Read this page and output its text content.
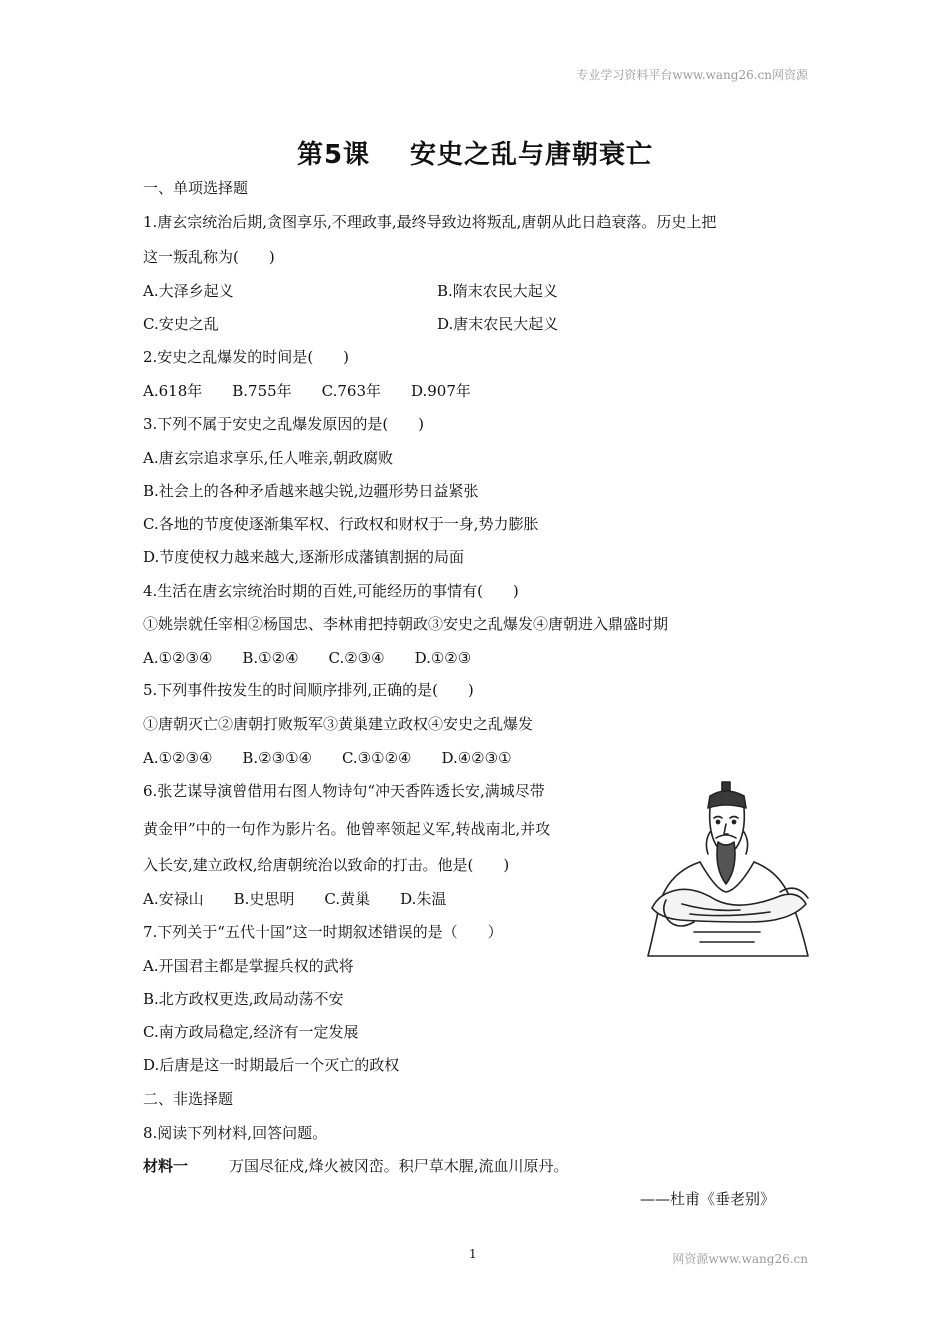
专业学习资料平台www.wang26.cn网资源
第5课 安史之乱与唐朝衰亡
一、单项选择题
1.唐玄宗统治后期,贪图享乐,不理政事,最终导致边将叛乱,唐朝从此日趋衰落。历史上把
这一叛乱称为(　　)
A.大泽乡起义	B.隋末农民大起义
C.安史之乱	D.唐末农民大起义
2.安史之乱爆发的时间是(　　)
A.618年　　B.755年　　C.763年　　D.907年
3.下列不属于安史之乱爆发原因的是(　　)
A.唐玄宗追求享乐,任人唯亲,朝政腐败
B.社会上的各种矛盾越来越尖锐,边疆形势日益紧张
C.各地的节度使逐渐集军权、行政权和财权于一身,势力膨胀
D.节度使权力越来越大,逐渐形成藩镇割据的局面
4.生活在唐玄宗统治时期的百姓,可能经历的事情有(　　)
①姚崇就任宰相②杨国忠、李林甫把持朝政③安史之乱爆发④唐朝进入鼎盛时期
A.①②③④　　B.①②④　　C.②③④　　D.①②③
5.下列事件按发生的时间顺序排列,正确的是(　　)
①唐朝灭亡②唐朝打败叛军③黄巢建立政权④安史之乱爆发
A.①②③④　　B.②③①④　　C.③①②④　　D.④②③①
6.张艺谋导演曾借用右图人物诗句“冲天香阵透长安,满城尽带
黄金甲”中的一句作为影片名。他曾率领起义军,转战南北,并攻
入长安,建立政权,给唐朝统治以致命的打击。他是(　　)
A.安禄山　　B.史思明　　C.黄巢　　D.朱温
7.下列关于“五代十国”这一时期叙述错误的是（　　）
A.开国君主都是掌握兵权的武将
B.北方政权更迭,政局动荡不安
C.南方政局稳定,经济有一定发展
D.后唐是这一时期最后一个灭亡的政权
二、非选择题
8.阅读下列材料,回答问题。
材料一	万国尽征戍,烽火被冈峦。积尸草木腥,流血川原丹。
——杜甫《垂老别》
1	网资源www.wang26.cn
